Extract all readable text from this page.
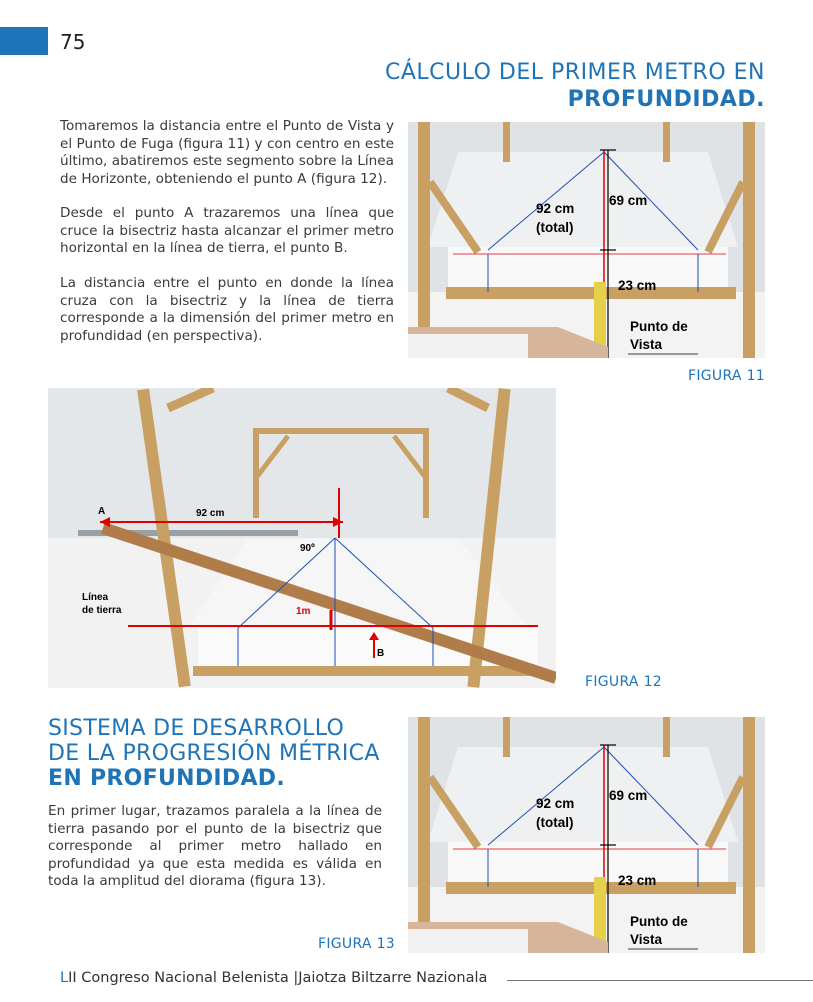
75
CÁLCULO DEL PRIMER METRO EN
PROFUNDIDAD.

Tomaremos la distancia entre el Punto de Vista y el Punto de Fuga (figura 11) y con centro en este último, abatiremos este segmento sobre la Línea de Horizonte, obteniendo el punto A (figura 12).

Desde el punto A trazaremos una línea que cruce la bisectriz hasta alcanzar el primer metro horizontal en la línea de tierra, el punto B.

La distancia entre el punto en donde la línea cruza con la bisectriz y la línea de tierra corresponde a la dimensión del primer metro en profundidad (en perspectiva).

92 cm
(total)
69 cm
23 cm
Punto de
Vista
FIGURA 11
A	92 cm
90º
Línea
de tierra	1m
B
FIGURA 12
SISTEMA DE DESARROLLO
DE LA PROGRESIÓN MÉTRICA
EN PROFUNDIDAD.

En primer lugar, trazamos paralela a la línea de tierra pasando por el punto de la bisectriz que corresponde al primer metro hallado en profundidad ya que esta medida es válida en toda la amplitud del diorama (figura 13).

92 cm
(total)
69 cm
23 cm
Punto de
Vista
FIGURA 13
LII Congreso Nacional Belenista |Jaiotza Biltzarre Nazionala
